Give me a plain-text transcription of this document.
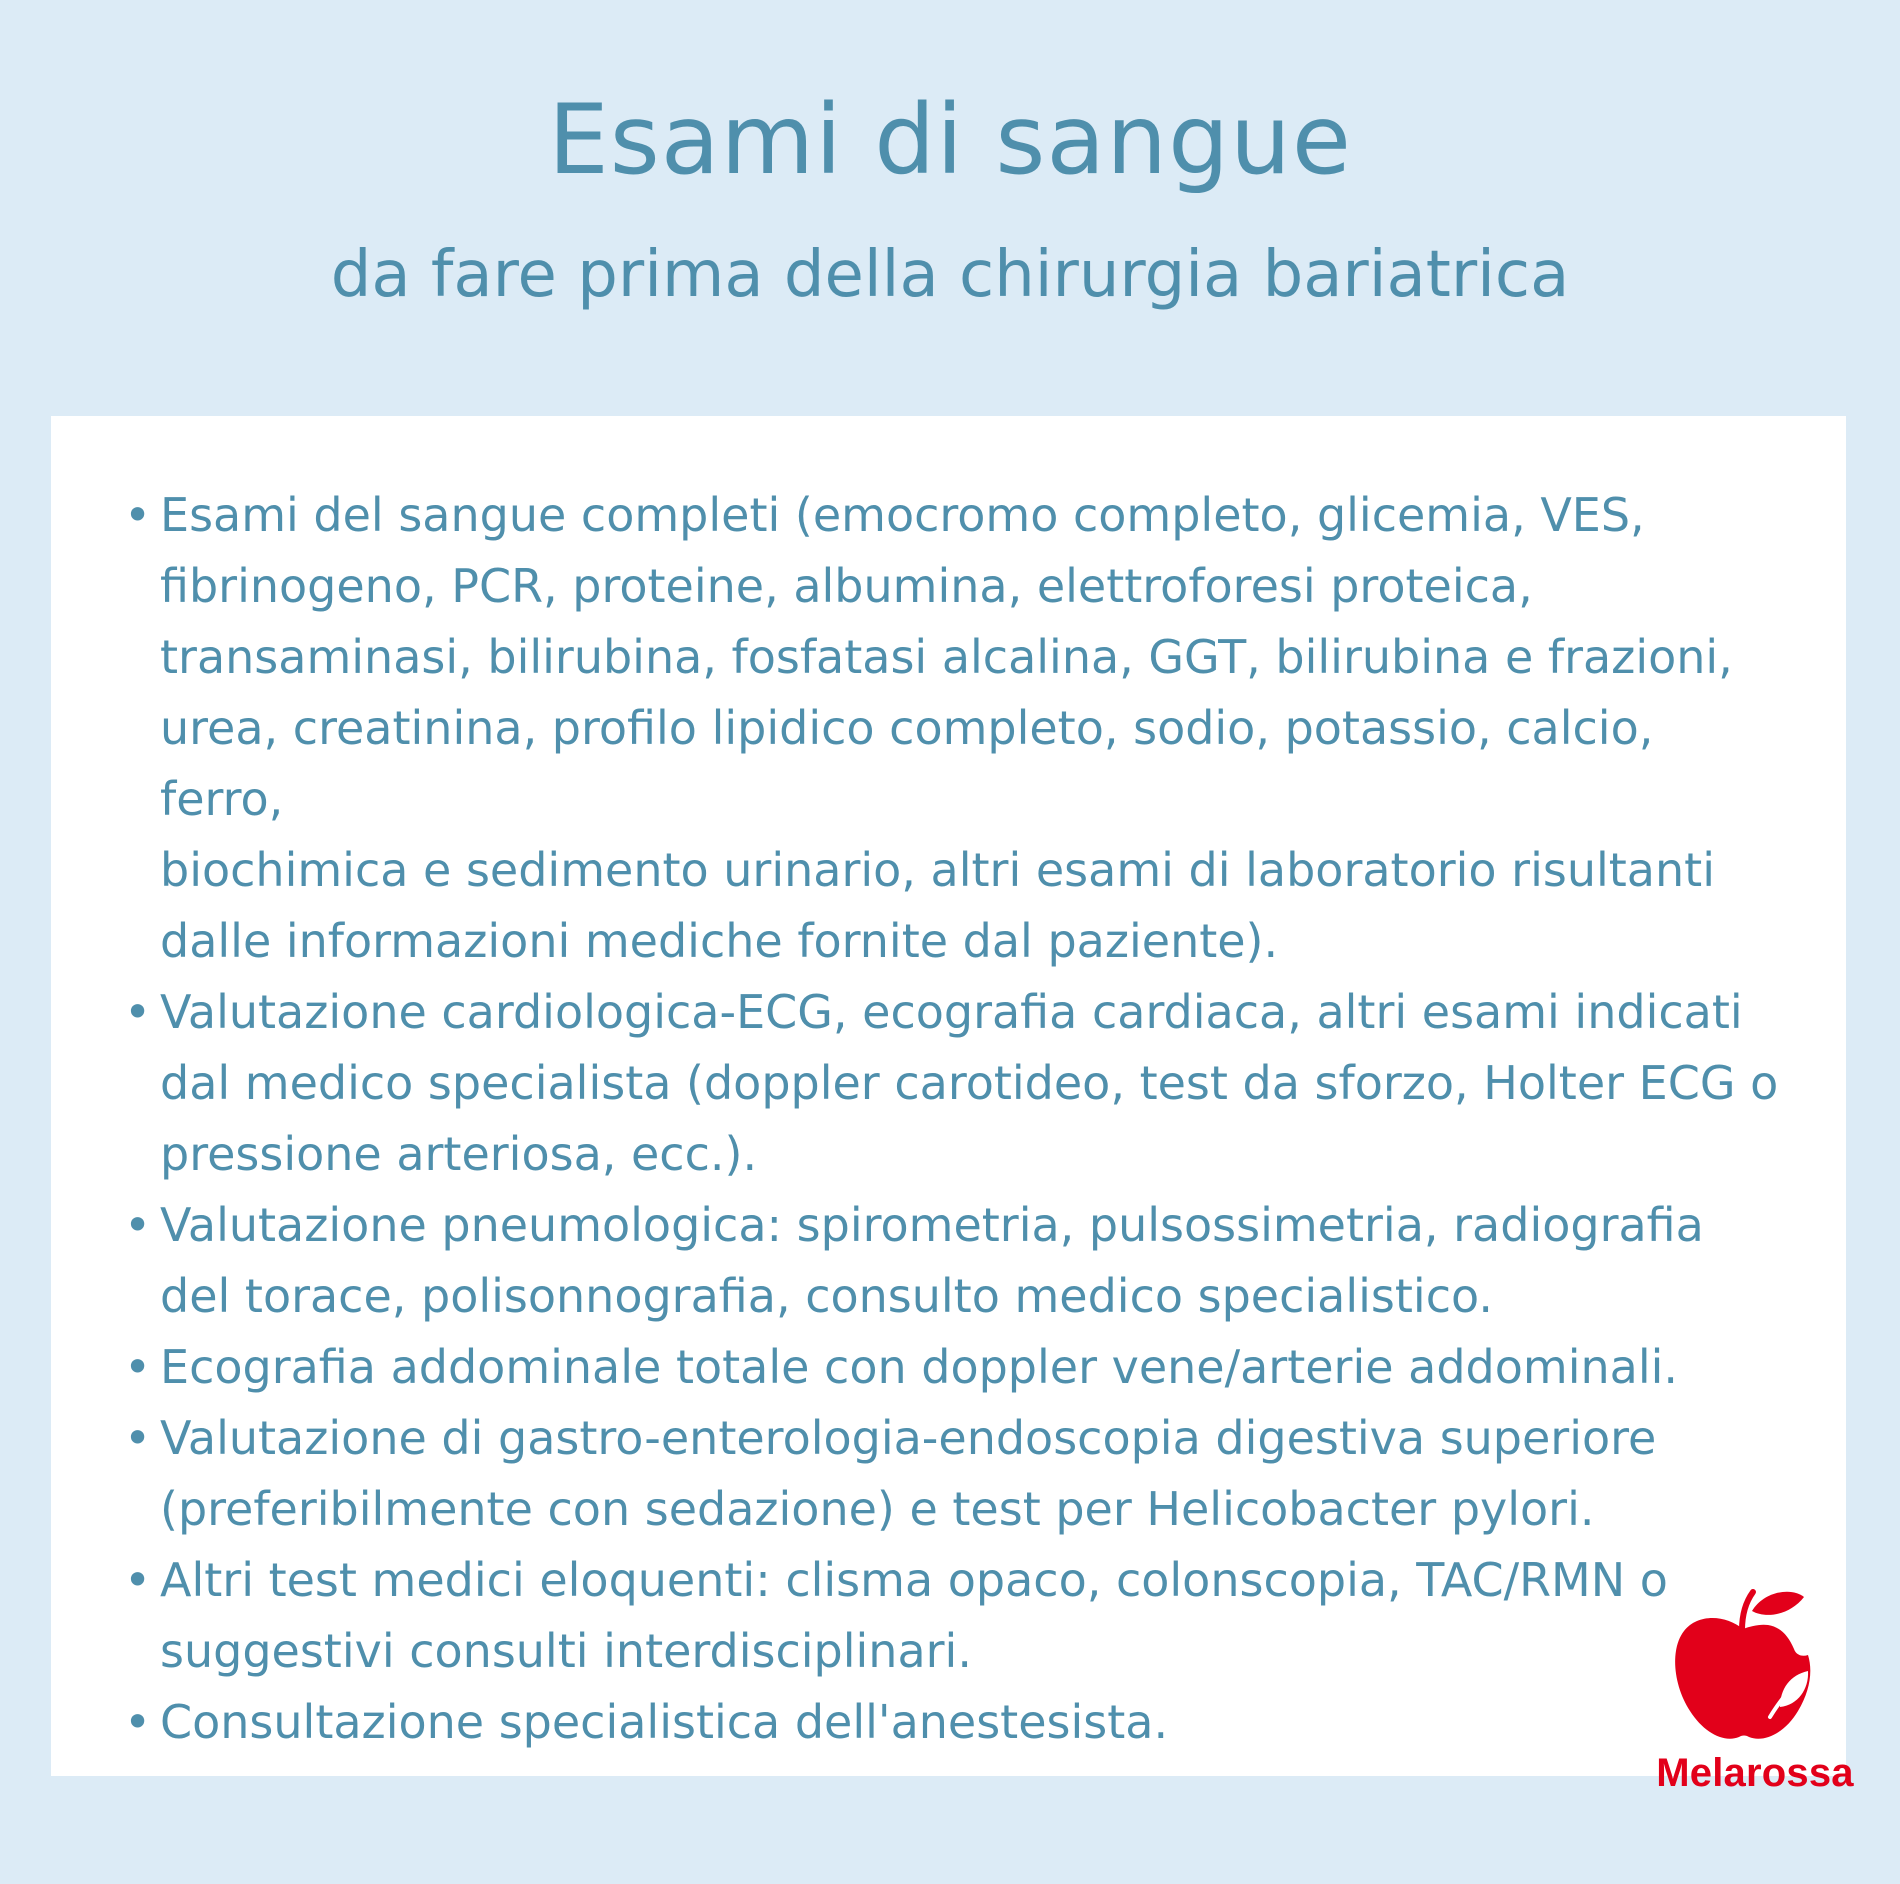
Esami di sangue
da fare prima della chirurgia bariatrica
• Esami del sangue completi (emocromo completo, glicemia, VES,
fibrinogeno, PCR, proteine, albumina, elettroforesi proteica,
transaminasi, bilirubina, fosfatasi alcalina, GGT, bilirubina e frazioni,
urea, creatinina, profilo lipidico completo, sodio, potassio, calcio, ferro,
biochimica e sedimento urinario, altri esami di laboratorio risultanti
dalle informazioni mediche fornite dal paziente).
• Valutazione cardiologica-ECG, ecografia cardiaca, altri esami indicati
dal medico specialista (doppler carotideo, test da sforzo, Holter ECG o
pressione arteriosa, ecc.).
• Valutazione pneumologica: spirometria, pulsossimetria, radiografia
del torace, polisonnografia, consulto medico specialistico.
• Ecografia addominale totale con doppler vene/arterie addominali.
• Valutazione di gastro-enterologia-endoscopia digestiva superiore
(preferibilmente con sedazione) e test per Helicobacter pylori.
• Altri test medici eloquenti: clisma opaco, colonscopia, TAC/RMN o
suggestivi consulti interdisciplinari.
• Consultazione specialistica dell'anestesista.
Melarossa
